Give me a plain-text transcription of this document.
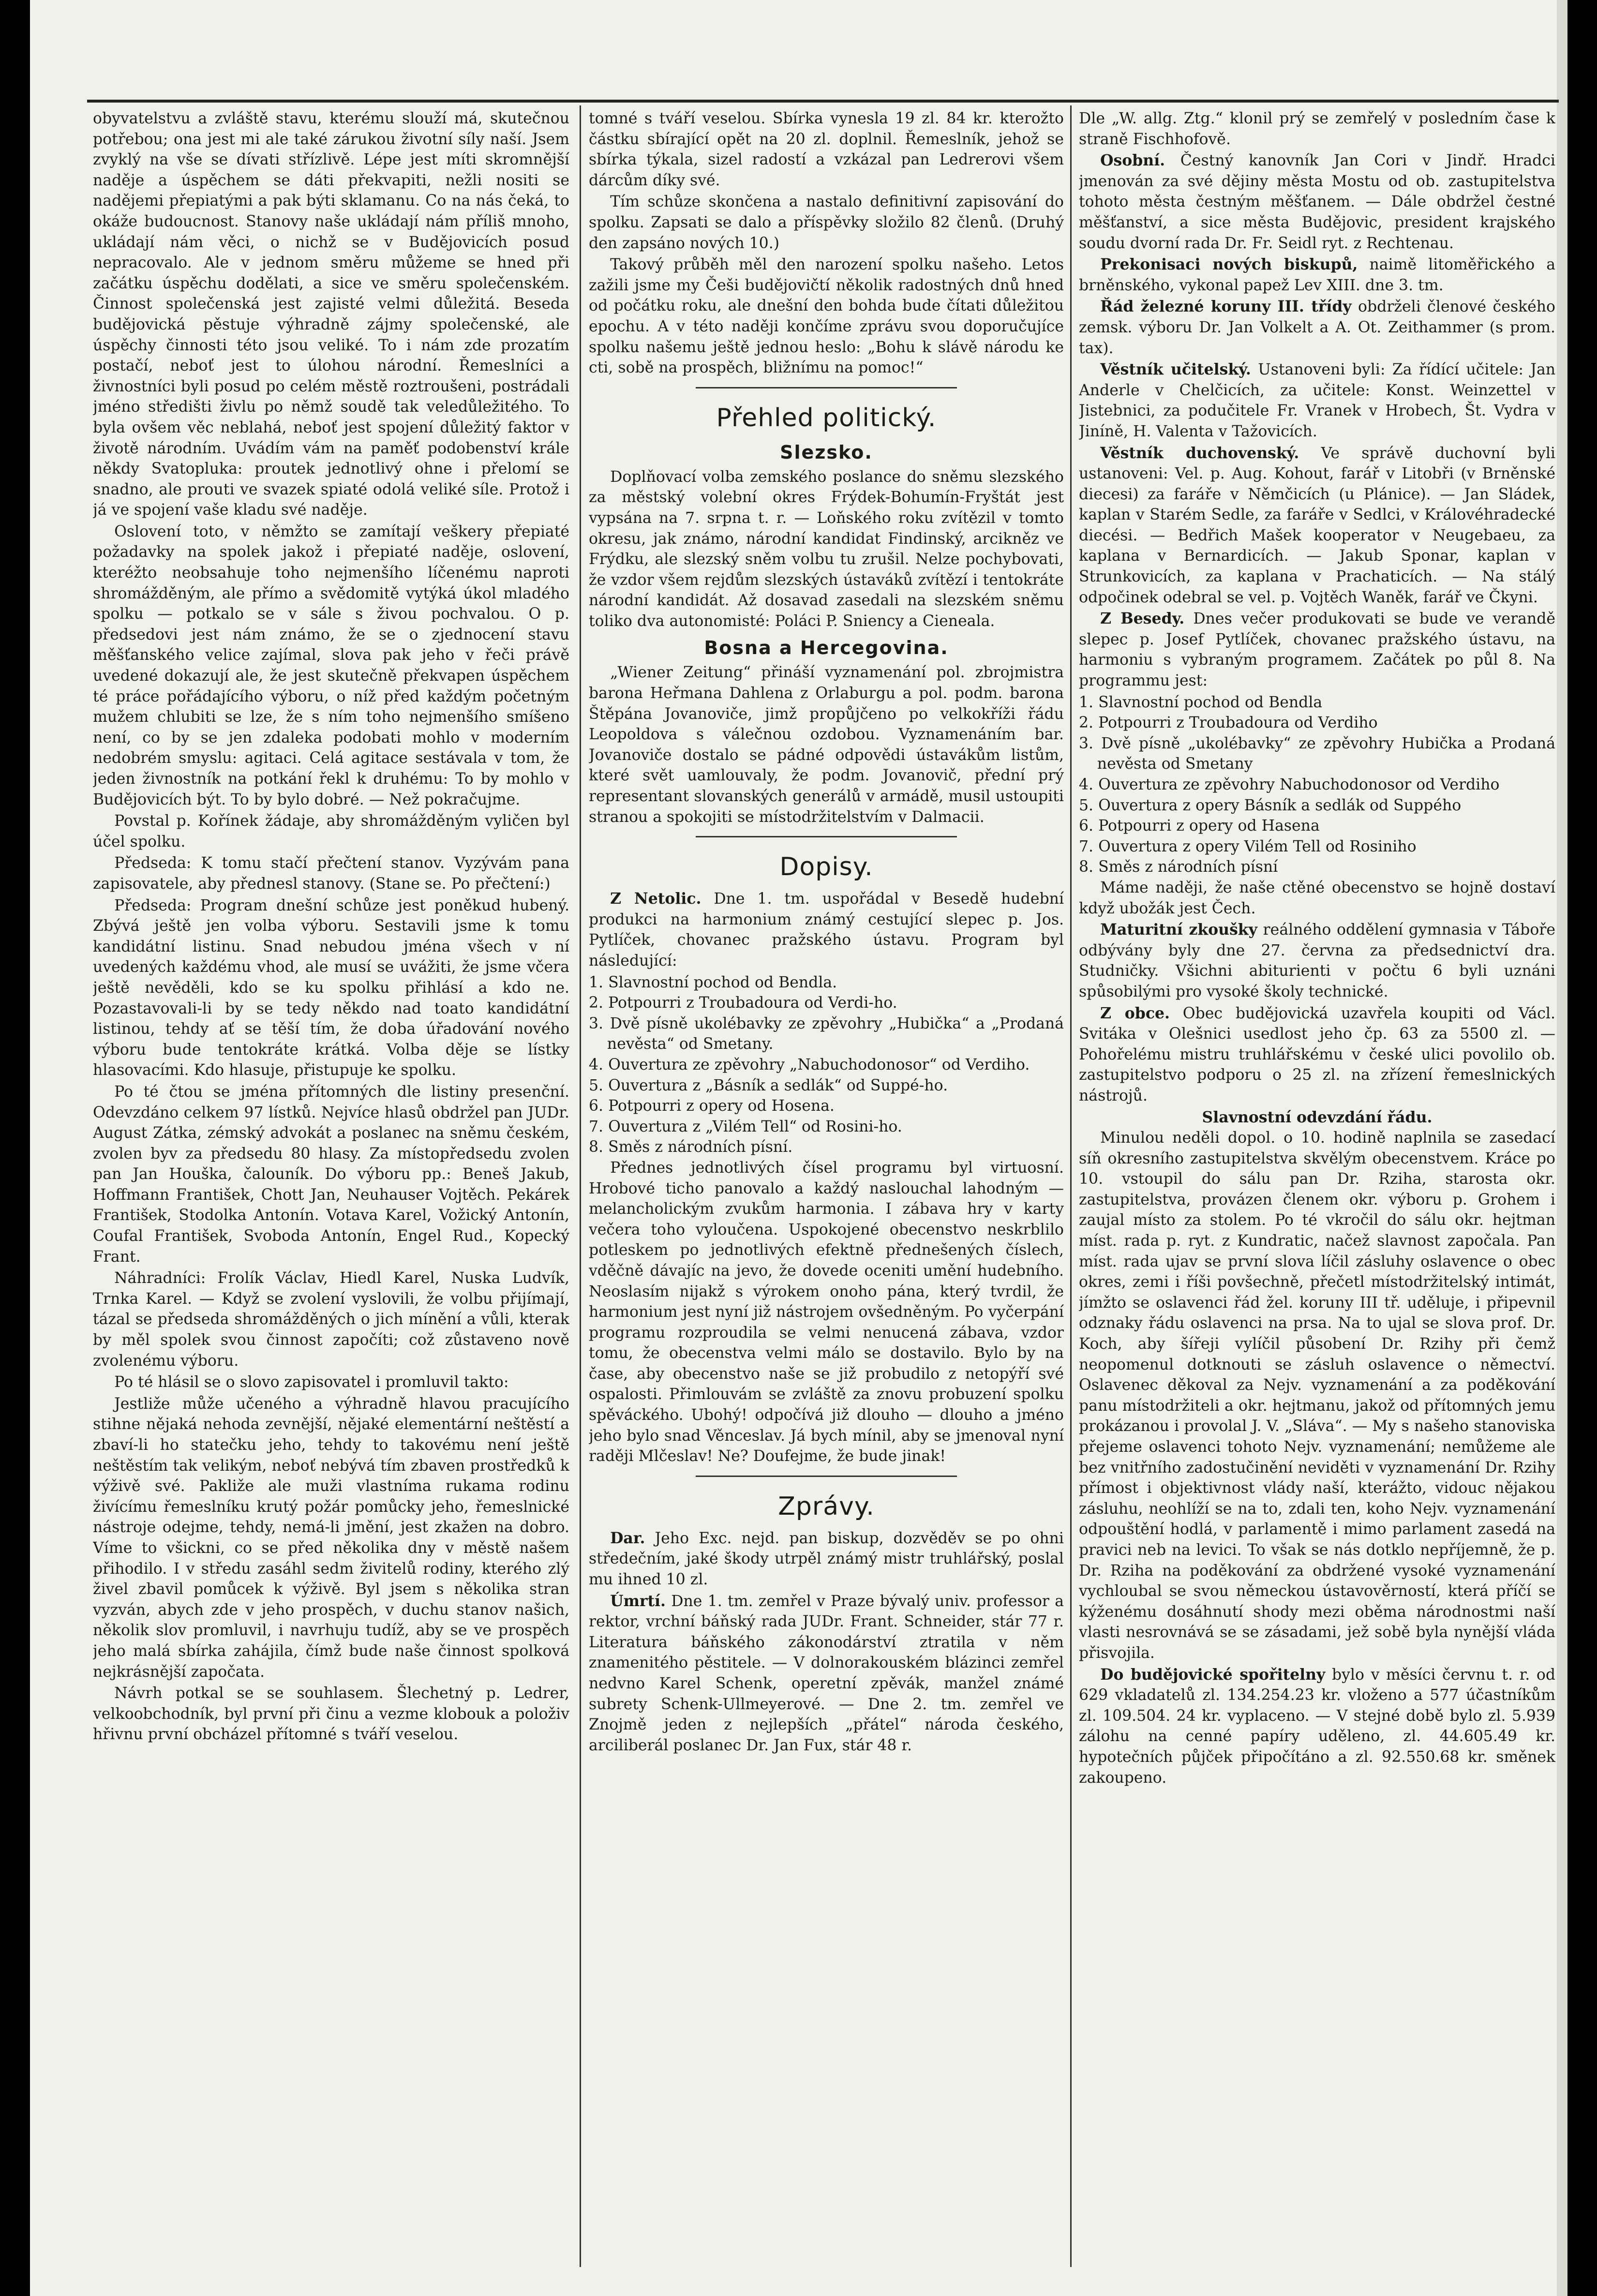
obyvatelstvu a zvláště stavu, kterému slouží má, skutečnou potřebou; ona jest mi ale také zárukou životní síly naší. Jsem zvyklý na vše se dívati střízlivě. Lépe jest míti skromnější naděje a úspěchem se dáti překvapiti, nežli nositi se nadějemi přepiatými a pak býti sklamanu. Co na nás čeká, to okáže budoucnost. Stanovy naše ukládají nám příliš mnoho, ukládají nám věci, o nichž se v Budějovicích posud nepracovalo. Ale v jednom směru můžeme se hned při začátku úspěchu dodělati, a sice ve směru společenském. Činnost společenská jest zajisté velmi důležitá. Beseda budějovická pěstuje výhradně zájmy společenské, ale úspěchy činnosti této jsou veliké. To i nám zde prozatím postačí, neboť jest to úlohou národní. Řemeslníci a živnostníci byli posud po celém městě roztroušeni, postrádali jméno středišti živlu po němž soudě tak veledůležitého. To byla ovšem věc neblahá, neboť jest spojení důležitý faktor v životě národním. Uvádím vám na paměť podobenství krále někdy Svatopluka: proutek jednotlivý ohne i přelomí se snadno, ale prouti ve svazek spiaté odolá veliké síle. Protož i já ve spojení vaše kladu své naděje.

Oslovení toto, v němžto se zamítají veškery přepiaté požadavky na spolek jakož i přepiaté naděje, oslovení, kteréžto neobsahuje toho nejmenšího líčenému naproti shromážděným, ale přímo a svědomitě vytýká úkol mladého spolku — potkalo se v sále s živou pochvalou. O p. předsedovi jest nám známo, že se o zjednocení stavu měšťanského velice zajímal, slova pak jeho v řeči právě uvedené dokazují ale, že jest skutečně překvapen úspěchem té práce pořádajícího výboru, o níž před každým početným mužem chlubiti se lze, že s ním toho nejmenšího smíšeno není, co by se jen zdaleka podobati mohlo v moderním nedobrém smyslu: agitaci. Celá agitace sestávala v tom, že jeden živnostník na potkání řekl k druhému: To by mohlo v Budějovicích být. To by bylo dobré. — Než pokračujme.

Povstal p. Kořínek žádaje, aby shromážděným vyličen byl účel spolku.

Předseda: K tomu stačí přečtení stanov. Vyzývám pana zapisovatele, aby přednesl stanovy. (Stane se. Po přečtení:)

Předseda: Program dnešní schůze jest poněkud hubený. Zbývá ještě jen volba výboru. Sestavili jsme k tomu kandidátní listinu. Snad nebudou jména všech v ní uvedených každému vhod, ale musí se uvážiti, že jsme včera ještě nevěděli, kdo se ku spolku přihlásí a kdo ne. Pozastavovali-li by se tedy někdo nad toato kandidátní listinou, tehdy ať se těší tím, že doba úřadování nového výboru bude tentokráte krátká. Volba děje se lístky hlasovacími. Kdo hlasuje, přistupuje ke spolku.

Po té čtou se jména přítomných dle listiny presenční. Odevzdáno celkem 97 lístků. Nejvíce hlasů obdržel pan JUDr. August Zátka, zémský advokát a poslanec na sněmu českém, zvolen byv za předsedu 80 hlasy. Za místopředsedu zvolen pan Jan Houška, čalouník. Do výboru pp.: Beneš Jakub, Hoffmann František, Chott Jan, Neuhauser Vojtěch. Pekárek František, Stodolka Antonín. Votava Karel, Vožický Antonín, Coufal František, Svoboda Antonín, Engel Rud., Kopecký Frant.

Náhradníci: Frolík Václav, Hiedl Karel, Nuska Ludvík, Trnka Karel. — Když se zvolení vyslovili, že volbu přijímají, tázal se předseda shromážděných o jich mínění a vůli, kterak by měl spolek svou činnost započíti; což zůstaveno nově zvolenému výboru.

Po té hlásil se o slovo zapisovatel i promluvil takto:

Jestliže může učeného a výhradně hlavou pracujícího stihne nějaká nehoda zevnější, nějaké elementární neštěstí a zbaví-li ho statečku jeho, tehdy to takovému není ještě neštěstím tak velikým, neboť nebývá tím zbaven prostředků k výživě své. Pakliže ale muži vlastníma rukama rodinu živícímu řemeslníku krutý požár pomůcky jeho, řemeslnické nástroje odejme, tehdy, nemá-li jmění, jest zkažen na dobro. Víme to všickni, co se před několika dny v městě našem přihodilo. I v středu zasáhl sedm živitelů rodiny, kterého zlý živel zbavil pomůcek k výživě. Byl jsem s několika stran vyzván, abych zde v jeho prospěch, v duchu stanov našich, několik slov promluvil, i navrhuju tudíž, aby se ve prospěch jeho malá sbírka zahájila, čímž bude naše činnost spolková nejkrásnější započata.

Návrh potkal se se souhlasem. Šlechetný p. Ledrer, velkoobchodník, byl první při činu a vezme klobouk a položiv hřivnu první obcházel přítomné s tváří veselou.

tomné s tváří veselou. Sbírka vynesla 19 zl. 84 kr. kterožto částku sbírající opět na 20 zl. doplnil. Řemeslník, jehož se sbírka týkala, sizel radostí a vzkázal pan Ledrerovi všem dárcům díky své.

Tím schůze skončena a nastalo definitivní zapisování do spolku. Zapsati se dalo a příspěvky složilo 82 členů. (Druhý den zapsáno nových 10.)

Takový průběh měl den narození spolku našeho. Letos zažili jsme my Češi budějovičtí několik radostných dnů hned od počátku roku, ale dnešní den bohda bude čítati důležitou epochu. A v této naději končíme zprávu svou doporučujíce spolku našemu ještě jednou heslo: „Bohu k slávě národu ke cti, sobě na prospěch, bližnímu na pomoc!“

Přehled politický.
Slezsko.

Doplňovací volba zemského poslance do sněmu slezského za městský volební okres Frýdek-Bohumín-Fryštát jest vypsána na 7. srpna t. r. — Loňského roku zvítězil v tomto okresu, jak známo, národní kandidat Findinský, arcikněz ve Frýdku, ale slezský sněm volbu tu zrušil. Nelze pochybovati, že vzdor všem rejdům slezských ústaváků zvítězí i tentokráte národní kandidát. Až dosavad zasedali na slezském sněmu toliko dva autonomisté: Poláci P. Sniency a Cieneala.

Bosna a Hercegovina.

„Wiener Zeitung“ přináší vyznamenání pol. zbrojmistra barona Heřmana Dahlena z Orlaburgu a pol. podm. barona Štěpána Jovanoviče, jimž propůjčeno po velkokříži řádu Leopoldova s válečnou ozdobou. Vyznamenáním bar. Jovanoviče dostalo se pádné odpovědi ústavákům listům, které svět uamlouvaly, že podm. Jovanovič, přední prý representant slovanských generálů v armádě, musil ustoupiti stranou a spokojiti se místodržitelstvím v Dalmacii.

Dopisy.

Z Netolic. Dne 1. tm. uspořádal v Besedě hudební produkci na harmonium známý cestující slepec p. Jos. Pytlíček, chovanec pražského ústavu. Program byl následující:

1. Slavnostní pochod od Bendla.
2. Potpourri z Troubadoura od Verdi-ho.
3. Dvě písně ukolébavky ze zpěvohry „Hubička“ a „Prodaná nevěsta“ od Smetany.
4. Ouvertura ze zpěvohry „Nabuchodonosor“ od Verdiho.
5. Ouvertura z „Básník a sedlák“ od Suppé-ho.
6. Potpourri z opery od Hosena.
7. Ouvertura z „Vilém Tell“ od Rosini-ho.
8. Směs z národních písní.

Přednes jednotlivých čísel programu byl virtuosní. Hrobové ticho panovalo a každý naslouchal lahodným — melancholickým zvukům harmonia. I zábava hry v karty večera toho vyloučena. Uspokojené obecenstvo neskrblilo potleskem po jednotlivých efektně přednešených číslech, vděčně dávajíc na jevo, že dovede oceniti umění hudebního. Neoslasím nijakž s výrokem onoho pána, který tvrdil, že harmonium jest nyní již nástrojem ovšedněným. Po vyčerpání programu rozproudila se velmi nenucená zábava, vzdor tomu, že obecenstva velmi málo se dostavilo. Bylo by na čase, aby obecenstvo naše se již probudilo z netopýří své ospalosti. Přimlouvám se zvláště za znovu probuzení spolku spěváckého. Ubohý! odpočívá již dlouho — dlouho a jméno jeho bylo snad Věnceslav. Já bych mínil, aby se jmenoval nyní raději Mlčeslav! Ne? Doufejme, že bude jinak!

Zprávy.

Dar. Jeho Exc. nejd. pan biskup, dozvěděv se po ohni středečním, jaké škody utrpěl známý mistr truhlářský, poslal mu ihned 10 zl.

Úmrtí. Dne 1. tm. zemřel v Praze bývalý univ. professor a rektor, vrchní báňský rada JUDr. Frant. Schneider, stár 77 r. Literatura báňského zákonodárství ztratila v něm znamenitého pěstitele. — V dolnorakouském blázinci zemřel nedvno Karel Schenk, operetní zpěvák, manžel známé subrety Schenk-Ullmeyerové. — Dne 2. tm. zemřel ve Znojmě jeden z nejlepších „přátel“ národa českého, arciliberál poslanec Dr. Jan Fux, stár 48 r.

Dle „W. allg. Ztg.“ klonil prý se zemřelý v posledním čase k straně Fischhofově.

Osobní. Čestný kanovník Jan Cori v Jindř. Hradci jmenován za své dějiny města Mostu od ob. zastupitelstva tohoto města čestným měšťanem. — Dále obdržel čestné měšťanství, a sice města Budějovic, president krajského soudu dvorní rada Dr. Fr. Seidl ryt. z Rechtenau.

Prekonisaci nových biskupů, naimě litoměřického a brněnského, vykonal papež Lev XIII. dne 3. tm.

Řád železné koruny III. třídy obdrželi členové českého zemsk. výboru Dr. Jan Volkelt a A. Ot. Zeithammer (s prom. tax).

Věstník učitelský. Ustanoveni byli: Za řídící učitele: Jan Anderle v Chelčicích, za učitele: Konst. Weinzettel v Jistebnici, za podučitele Fr. Vranek v Hrobech, Št. Vydra v Jiníně, H. Valenta v Tažovicích.

Věstník duchovenský. Ve správě duchovní byli ustanoveni: Vel. p. Aug. Kohout, farář v Litobři (v Brněnské diecesi) za faráře v Němčicích (u Plánice). — Jan Sládek, kaplan v Starém Sedle, za faráře v Sedlci, v Královéhradecké diecési. — Bedřich Mašek kooperator v Neugebaeu, za kaplana v Bernardicích. — Jakub Sponar, kaplan v Strunkovicích, za kaplana v Prachaticích. — Na stálý odpočinek odebral se vel. p. Vojtěch Waněk, farář ve Čkyni.

Z Besedy. Dnes večer produkovati se bude ve verandě slepec p. Josef Pytlíček, chovanec pražského ústavu, na harmoniu s vybraným programem. Začátek po půl 8. Na programmu jest:

1. Slavnostní pochod od Bendla
2. Potpourri z Troubadoura od Verdiho
3. Dvě písně „ukolébavky“ ze zpěvohry Hubička a Prodaná nevěsta od Smetany
4. Ouvertura ze zpěvohry Nabuchodonosor od Verdiho
5. Ouvertura z opery Básník a sedlák od Suppého
6. Potpourri z opery od Hasena
7. Ouvertura z opery Vilém Tell od Rosiniho
8. Směs z národních písní

Máme naději, že naše ctěné obecenstvo se hojně dostaví když ubožák jest Čech.

Maturitní zkoušky reálného oddělení gymnasia v Táboře odbývány byly dne 27. června za předsednictví dra. Studničky. Všichni abiturienti v počtu 6 byli uznáni spůsobilými pro vysoké školy technické.

Z obce. Obec budějovická uzavřela koupiti od Václ. Svitáka v Olešnici usedlost jeho čp. 63 za 5500 zl. — Pohořelému mistru truhlářskému v české ulici povolilo ob. zastupitelstvo podporu o 25 zl. na zřízení řemeslnických nástrojů.

Slavnostní odevzdání řádu.

Minulou neděli dopol. o 10. hodině naplnila se zasedací síň okresního zastupitelstva skvělým obecenstvem. Kráce po 10. vstoupil do sálu pan Dr. Rziha, starosta okr. zastupitelstva, provázen členem okr. výboru p. Grohem i zaujal místo za stolem. Po té vkročil do sálu okr. hejtman míst. rada p. ryt. z Kundratic, načež slavnost započala. Pan míst. rada ujav se první slova líčil zásluhy oslavence o obec okres, zemi i říši povšechně, přečetl místodržitelský intimát, jímžto se oslavenci řád žel. koruny III tř. uděluje, i připevnil odznaky řádu oslavenci na prsa. Na to ujal se slova prof. Dr. Koch, aby šířeji vylíčil působení Dr. Rzihy při čemž neopomenul dotknouti se zásluh oslavence o němectví. Oslavenec děkoval za Nejv. vyznamenání a za poděkování panu místodržiteli a okr. hejtmanu, jakož od přítomných jemu prokázanou i provolal J. V. „Sláva“. — My s našeho stanoviska přejeme oslavenci tohoto Nejv. vyznamenání; nemůžeme ale bez vnitřního zadostučinění neviděti v vyznamenání Dr. Rzihy přímost i objektivnost vlády naší, kterážto, vidouc nějakou zásluhu, neohlíží se na to, zdali ten, koho Nejv. vyznamenání odpouštění hodlá, v parlamentě i mimo parlament zasedá na pravici neb na levici. To však se nás dotklo nepříjemně, že p. Dr. Rziha na poděkování za obdržené vysoké vyznamenání vychloubal se svou německou ústavověrností, která příčí se kýženému dosáhnutí shody mezi oběma národnostmi naší vlasti nesrovnává se se zásadami, jež sobě byla nynější vláda přisvojila.

Do budějovické spořitelny bylo v měsíci červnu t. r. od 629 vkladatelů zl. 134.254.23 kr. vloženo a 577 účastníkům zl. 109.504. 24 kr. vyplaceno. — V stejné době bylo zl. 5.939 zálohu na cenné papíry uděleno, zl. 44.605.49 kr. hypotečních půjček připočítáno a zl. 92.550.68 kr. směnek zakoupeno.
